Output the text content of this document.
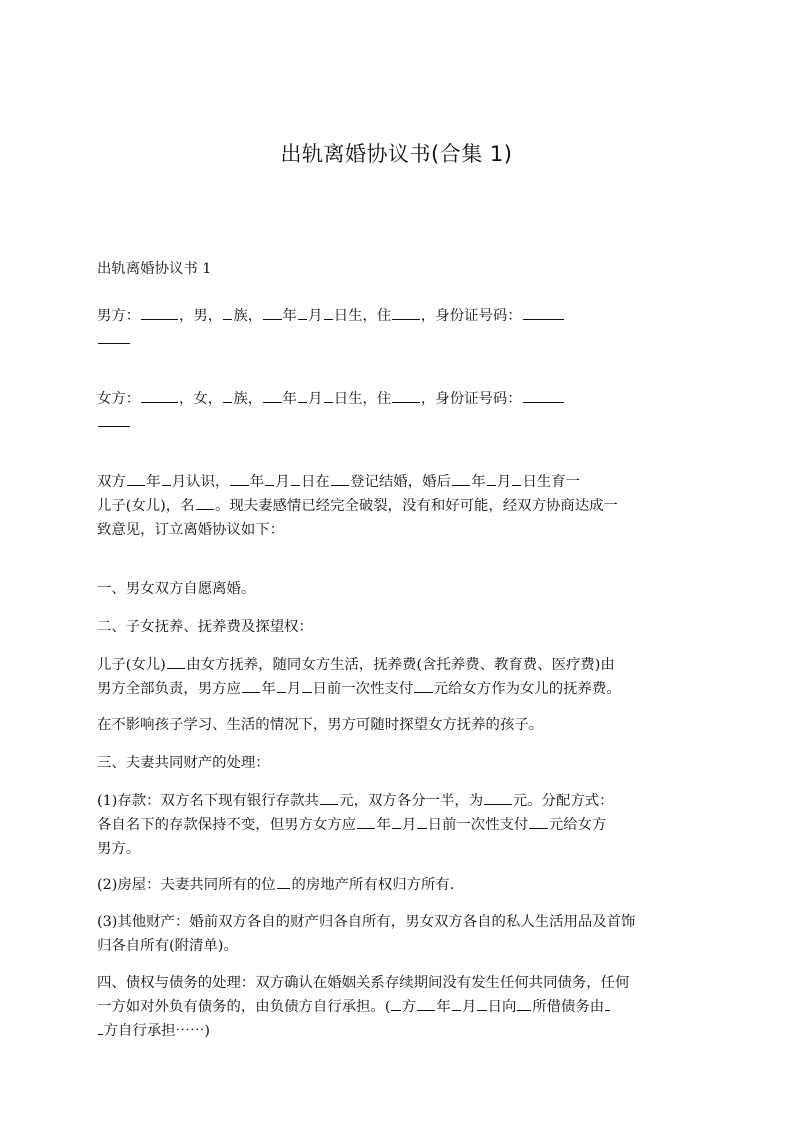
出轨离婚协议书(合集 1)

出轨离婚协议书 1

男方：	，男， 族， 年 月 日生，住 ，身份证号码：
女方：	，女， 族， 年 月 日生，住 ，身份证号码：
双方 年 月认识， 年 月 日在 登记结婚，婚后 年 月 日生育一
儿子(女儿)，名 。现夫妻感情已经完全破裂，没有和好可能，经双方协商达成一
致意见，订立离婚协议如下：
一、男女双方自愿离婚。
二、子女抚养、抚养费及探望权：
儿子(女儿) 由女方抚养，随同女方生活，抚养费(含托养费、教育费、医疗费)由
男方全部负责，男方应 年 月 日前一次性支付 元给女方作为女儿的抚养费。
在不影响孩子学习、生活的情况下，男方可随时探望女方抚养的孩子。
三、夫妻共同财产的处理：
(1)存款：双方名下现有银行存款共 元，双方各分一半，为 元。分配方式：
各自名下的存款保持不变，但男方女方应 年 月 日前一次性支付 元给女方
男方。
(2)房屋：夫妻共同所有的位 的房地产所有权归方所有.
(3)其他财产：婚前双方各自的财产归各自所有，男女双方各自的私人生活用品及首饰
归各自所有(附清单)。
四、债权与债务的处理：双方确认在婚姻关系存续期间没有发生任何共同债务，任何
一方如对外负有债务的，由负债方自行承担。( 方 年 月 日向 所借债务由
方自行承担⋯⋯)
